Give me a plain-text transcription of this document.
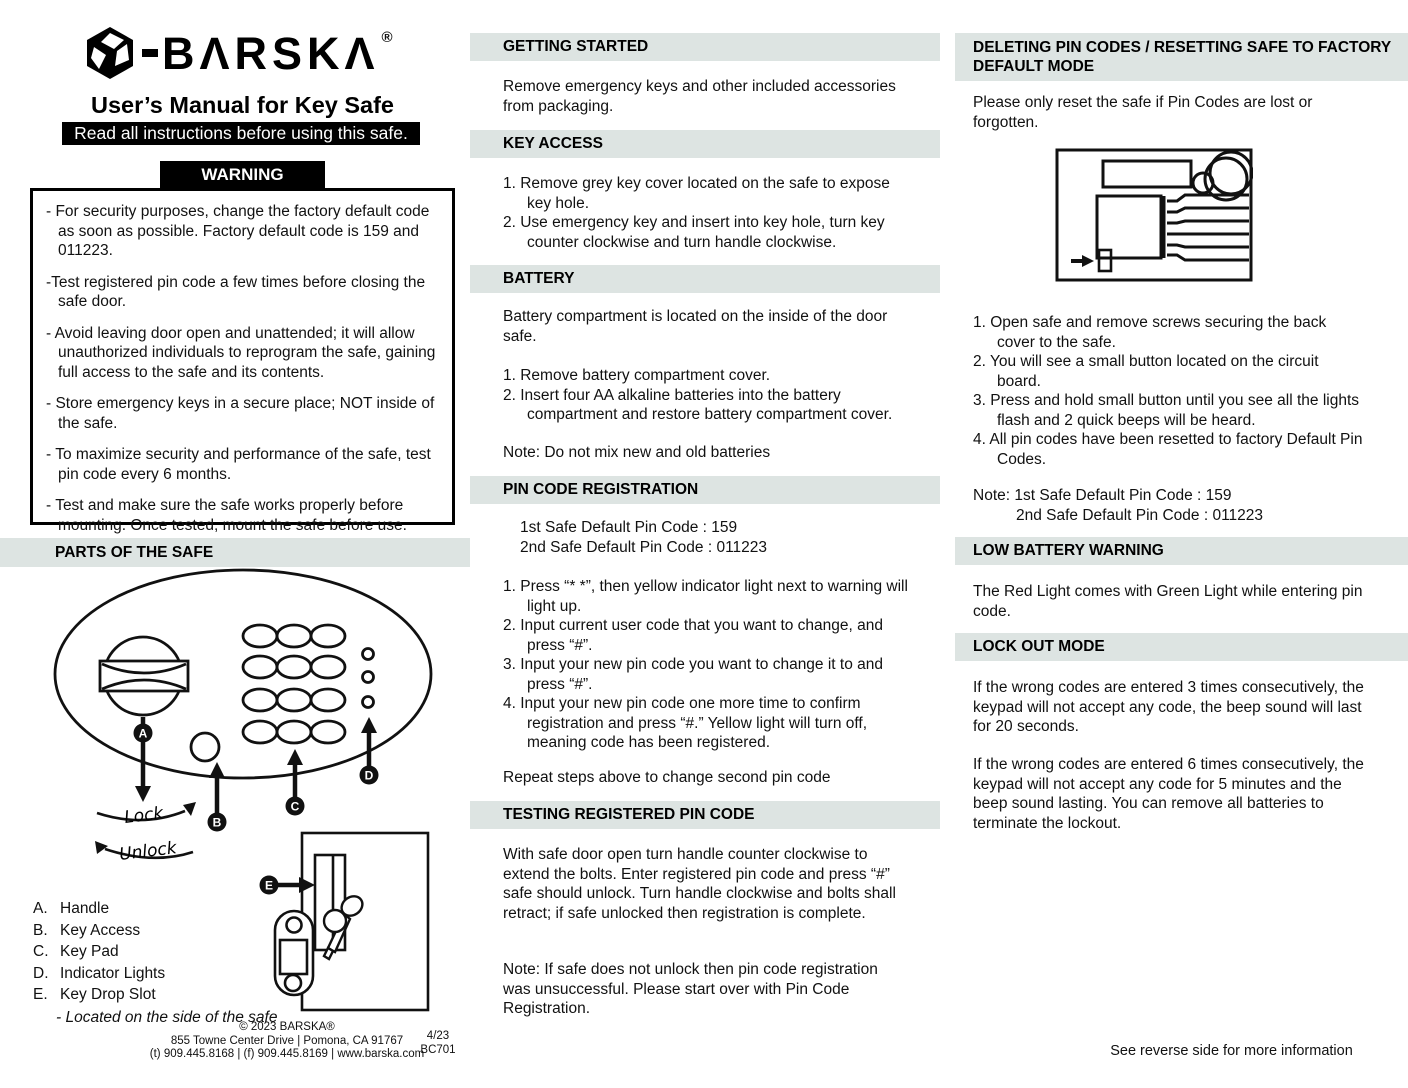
BΛRSKΛ ®
User’s Manual for Key Safe
Read all instructions before using this safe.
WARNING
- For security purposes, change the factory default code as soon as possible. Factory default code is 159 and 011223.
-Test registered pin code a few times before closing the safe door.
- Avoid leaving door open and unattended; it will allow unauthorized individuals to reprogram the safe, gaining full access to the safe and its contents.
- Store emergency keys in a secure place; NOT inside of the safe.
- To maximize security and performance of the safe, test pin code every 6 months.
- Test and make sure the safe works properly before mounting. Once tested, mount the safe before use.
PARTS OF THE SAFE
A
B
C
D
Lock
Unlock
E
A. Handle
B. Key Access
C. Key Pad
D. Indicator Lights
E. Key Drop Slot
- Located on the side of the safe
© 2023 BARSKA®
855 Towne Center Drive | Pomona, CA 91767
(t) 909.445.8168 | (f) 909.445.8169 | www.barska.com
4/23
BC701
GETTING STARTED
Remove emergency keys and other included accessories from packaging.
KEY ACCESS
1. Remove grey key cover located on the safe to expose key hole.
2. Use emergency key and insert into key hole, turn key counter clockwise and turn handle clockwise.
BATTERY
Battery compartment is located on the inside of the door safe.
1. Remove battery compartment cover.
2. Insert four AA alkaline batteries into the battery compartment and restore battery compartment cover.
Note: Do not mix new and old batteries
PIN CODE REGISTRATION
1st Safe Default Pin Code : 159
2nd Safe Default Pin Code : 011223
1. Press “* *”, then yellow indicator light next to warning will light up.
2. Input current user code that you want to change, and press “#”.
3. Input your new pin code you want to change it to and press “#”.
4. Input your new pin code one more time to confirm registration and press “#.” Yellow light will turn off, meaning code has been registered.
Repeat steps above to change second pin code
TESTING REGISTERED PIN CODE
With safe door open turn handle counter clockwise to extend the bolts. Enter registered pin code and press “#” safe should unlock. Turn handle clockwise and bolts shall retract; if safe unlocked then registration is complete.
Note: If safe does not unlock then pin code registration was unsuccessful. Please start over with Pin Code Registration.
DELETING PIN CODES / RESETTING SAFE TO FACTORY DEFAULT MODE
Please only reset the safe if Pin Codes are lost or forgotten.
1. Open safe and remove screws securing the back cover to the safe.
2. You will see a small button located on the circuit board.
3. Press and hold small button until you see all the lights flash and 2 quick beeps will be heard.
4. All pin codes have been resetted to factory Default Pin Codes.
Note: 1st Safe Default Pin Code : 159
2nd Safe Default Pin Code : 011223
LOW BATTERY WARNING
The Red Light comes with Green Light while entering pin code.
LOCK OUT MODE
If the wrong codes are entered 3 times consecutively, the keypad will not accept any code, the beep sound will last for 20 seconds.
If the wrong codes are entered 6 times consecutively, the keypad will not accept any code for 5 minutes and the beep sound lasting. You can remove all batteries to terminate the lockout.
See reverse side for more information
